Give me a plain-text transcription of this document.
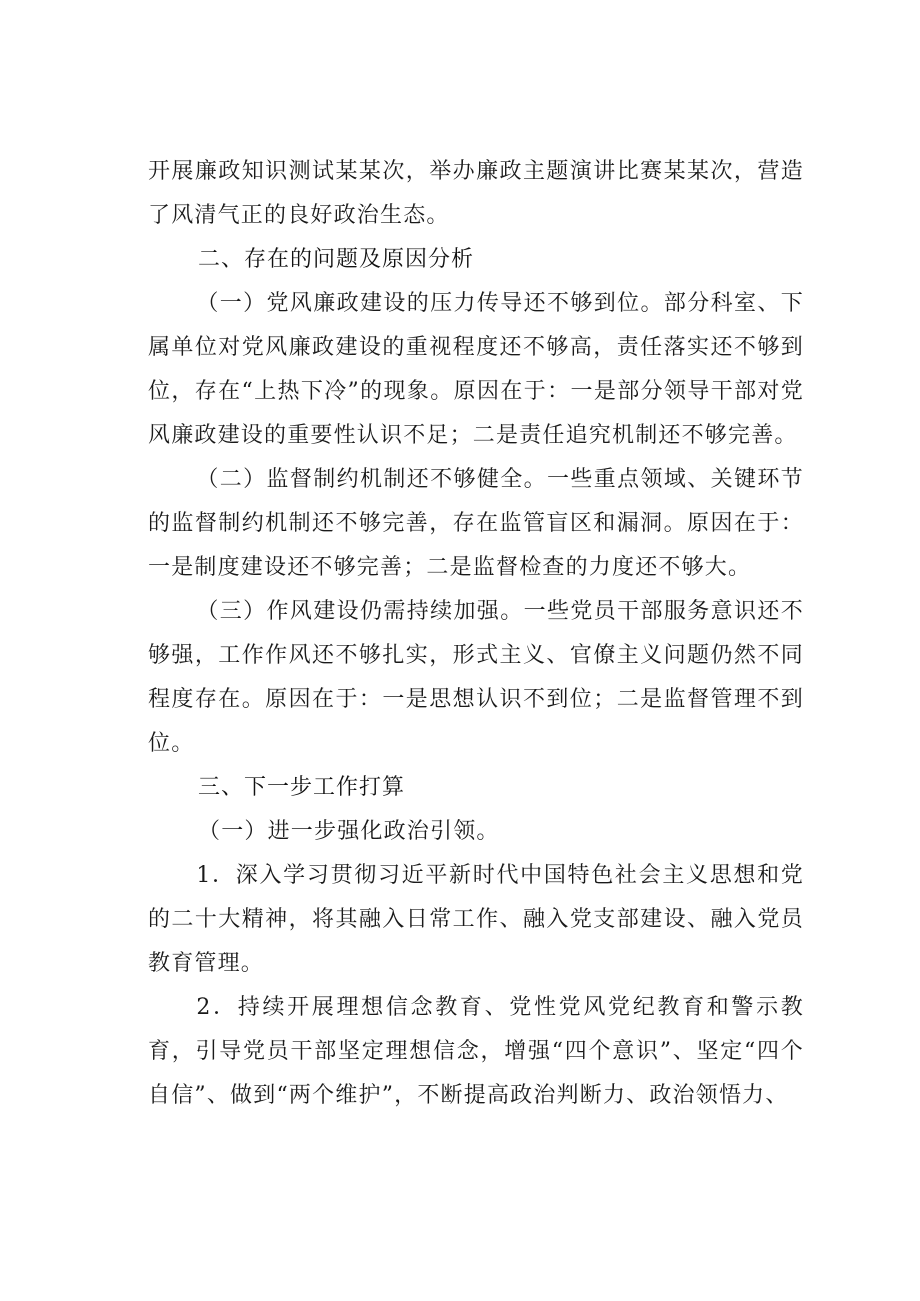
开展廉政知识测试某某次，举办廉政主题演讲比赛某某次，营造了风清气正的良好政治生态。

二、存在的问题及原因分析

（一）党风廉政建设的压力传导还不够到位。部分科室、下属单位对党风廉政建设的重视程度还不够高，责任落实还不够到位，存在“上热下冷”的现象。原因在于：一是部分领导干部对党风廉政建设的重要性认识不足；二是责任追究机制还不够完善。

（二）监督制约机制还不够健全。一些重点领域、关键环节的监督制约机制还不够完善，存在监管盲区和漏洞。原因在于：一是制度建设还不够完善；二是监督检查的力度还不够大。

（三）作风建设仍需持续加强。一些党员干部服务意识还不够强，工作作风还不够扎实，形式主义、官僚主义问题仍然不同程度存在。原因在于：一是思想认识不到位；二是监督管理不到位。

三、下一步工作打算

（一）进一步强化政治引领。

1．深入学习贯彻习近平新时代中国特色社会主义思想和党的二十大精神，将其融入日常工作、融入党支部建设、融入党员教育管理。

2．持续开展理想信念教育、党性党风党纪教育和警示教育，引导党员干部坚定理想信念，增强“四个意识”、坚定“四个自信”、做到“两个维护”，不断提高政治判断力、政治领悟力、
